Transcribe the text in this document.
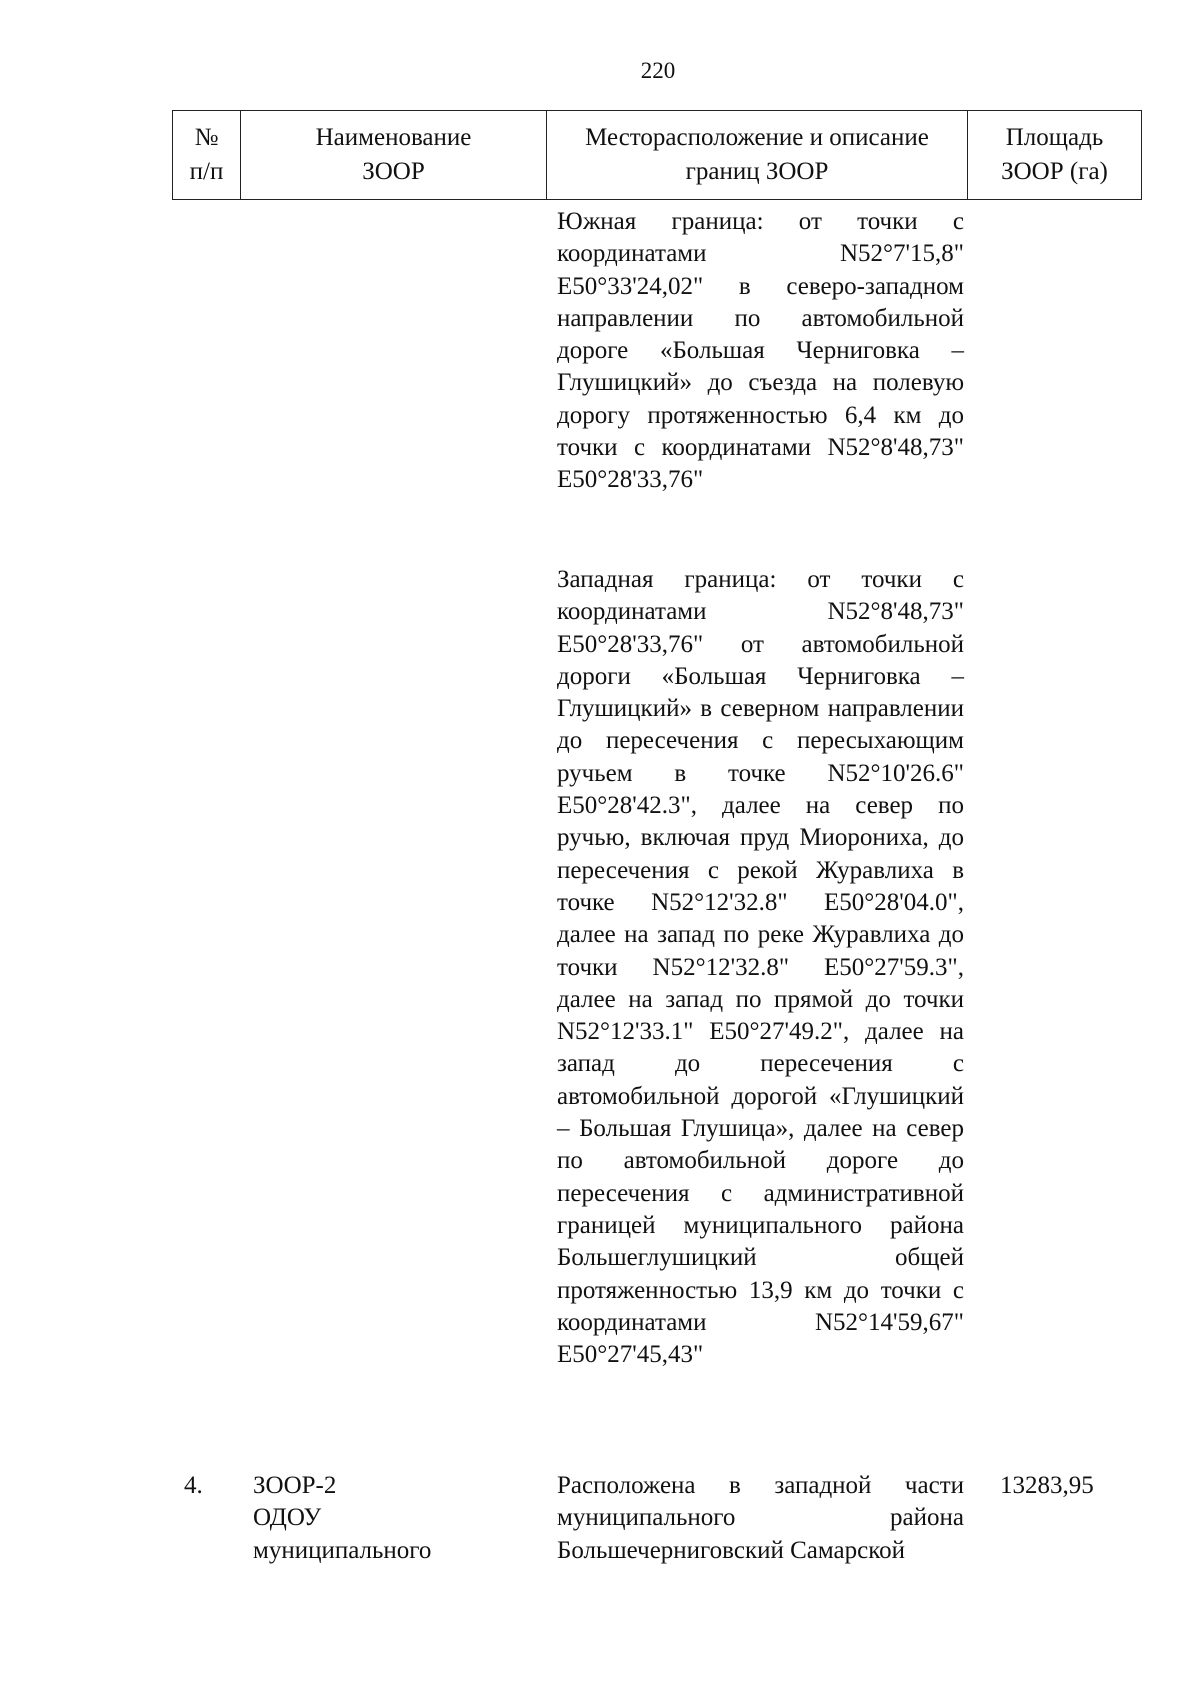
220
№
п/п
Наименование
ЗООР
Месторасположение и описание
границ ЗООР
Площадь
ЗООР (га)
Южная граница: от точки с координатами N52°7'15,8" E50°33'24,02" в северо-западном направлении по автомобильной дороге «Большая Черниговка – Глушицкий» до съезда на полевую дорогу протяженностью 6,4 км до точки с координатами N52°8'48,73" E50°28'33,76"
Западная граница: от точки с координатами N52°8'48,73" E50°28'33,76" от автомобильной дороги «Большая Черниговка – Глушицкий» в северном направлении до пересечения с пересыхающим ручьем в точке N52°10'26.6" E50°28'42.3", далее на север по ручью, включая пруд Миорониха, до пересечения с рекой Журавлиха в точке N52°12'32.8" E50°28'04.0", далее на запад по реке Журавлиха до точки N52°12'32.8" E50°27'59.3", далее на запад по прямой до точки N52°12'33.1" E50°27'49.2", далее на запад до пересечения с автомобильной дорогой «Глушицкий – Большая Глушица», далее на север по автомобильной дороге до пересечения с административной границей муниципального района Большеглушицкий общей протяженностью 13,9 км до точки с координатами N52°14'59,67" E50°27'45,43"
4. ЗООР-2
ОДОУ
муниципального
Расположена в западной части муниципального района Большечерниговский Самарской
13283,95
